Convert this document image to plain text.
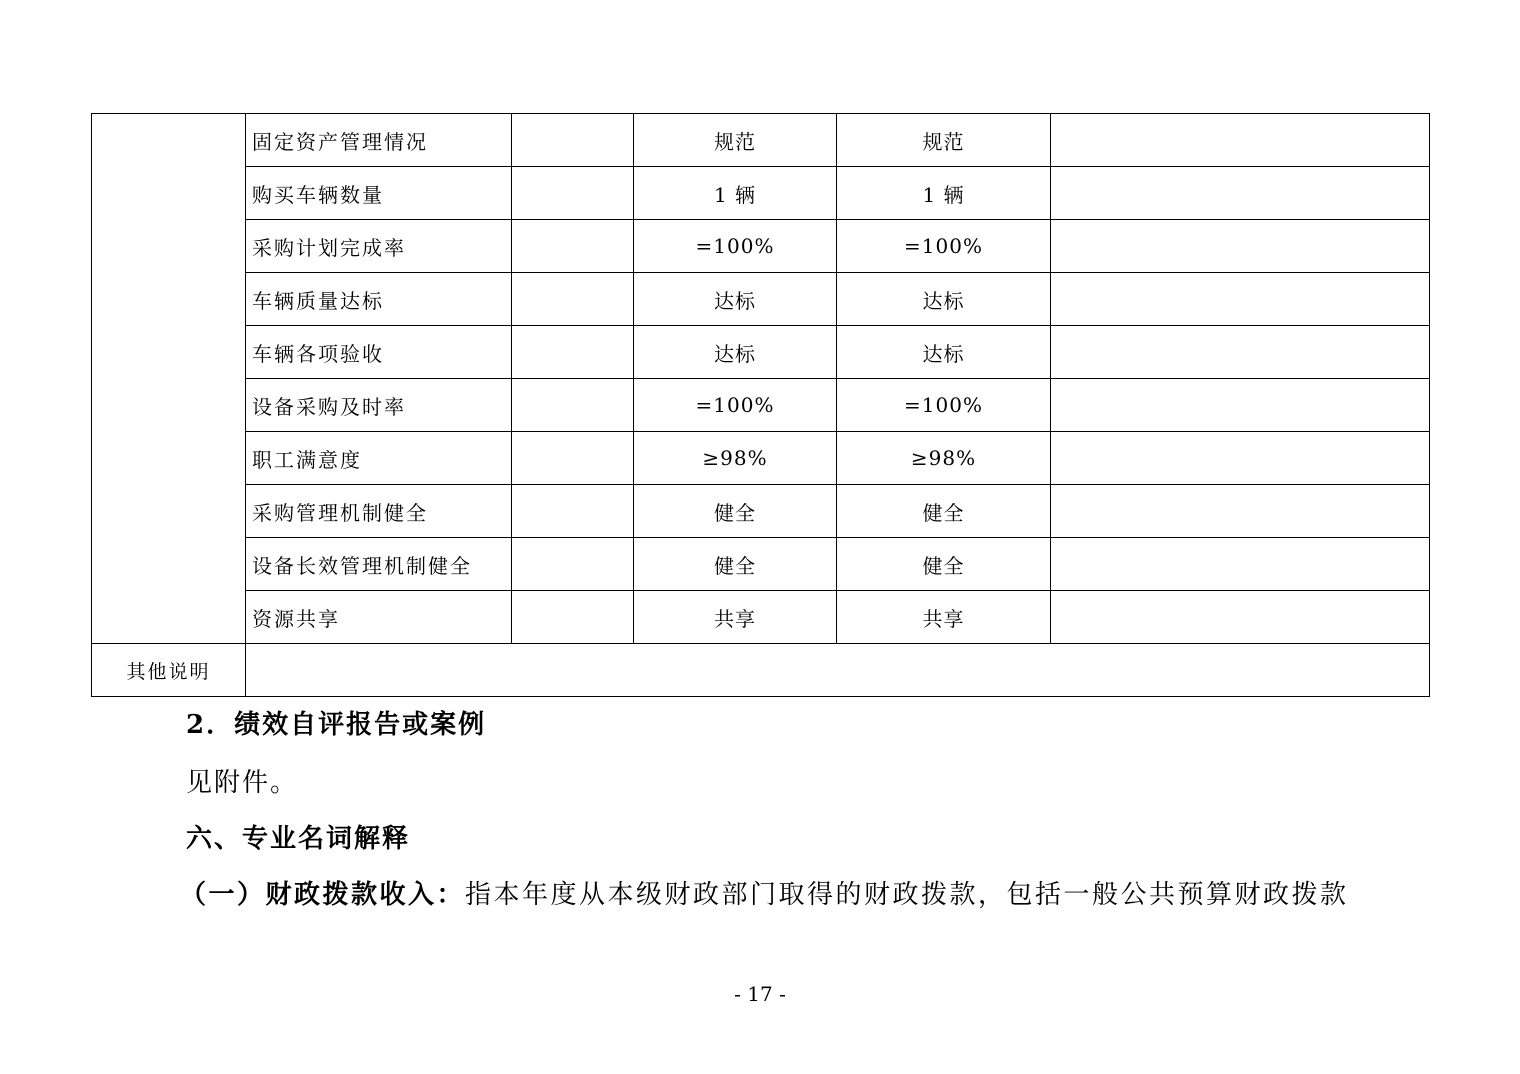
	固定资产管理情况		规范	规范	
	购买车辆数量		1 辆	1 辆	
	采购计划完成率		=100%	=100%	
	车辆质量达标		达标	达标	
	车辆各项验收		达标	达标	
	设备采购及时率		=100%	=100%	
	职工满意度		≥98%	≥98%	
	采购管理机制健全		健全	健全	
	设备长效管理机制健全		健全	健全	
	资源共享		共享	共享	
其他说明					
2．绩效自评报告或案例
见附件。
六、专业名词解释
（一）财政拨款收入：指本年度从本级财政部门取得的财政拨款，包括一般公共预算财政拨款
- 17 -
